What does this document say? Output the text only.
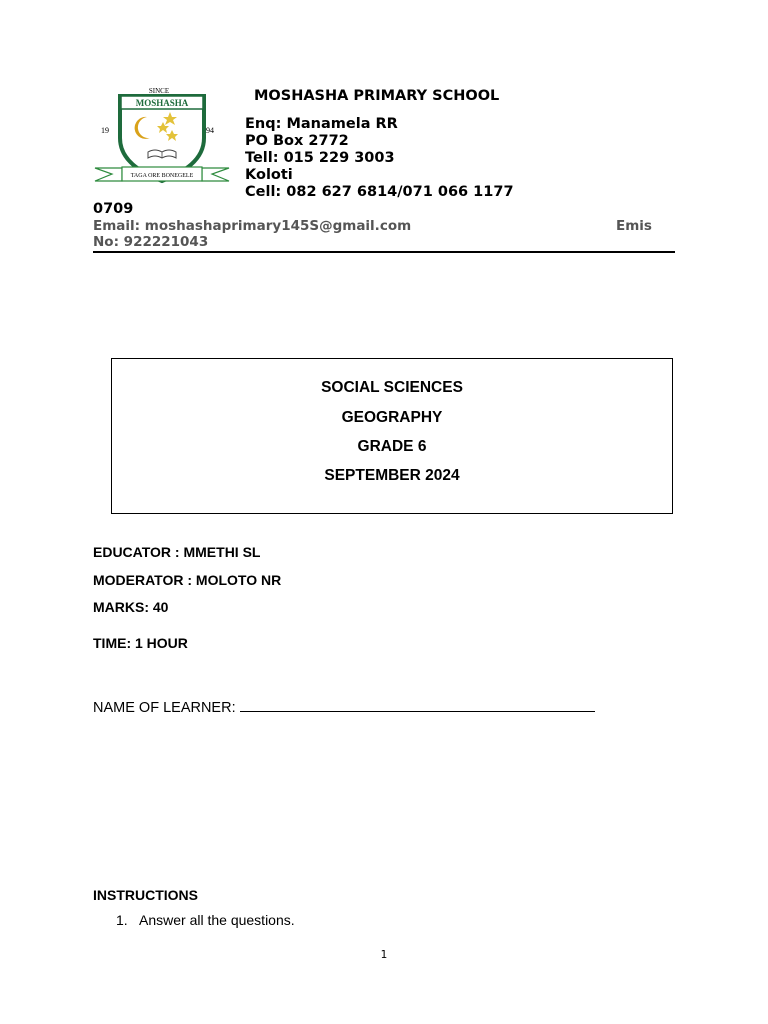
SINCE
MOSHASHA
19	94
TAGA ORE BONEGELE
MOSHASHA PRIMARY SCHOOL
Enq: Manamela RR
PO Box 2772
Tell: 015 229 3003
Koloti
Cell: 082 627 6814/071 066 1177
0709
Email: moshashaprimary145S@gmail.com	Emis
No: 922221043
SOCIAL SCIENCES
GEOGRAPHY
GRADE 6
SEPTEMBER 2024
EDUCATOR : MMETHI SL
MODERATOR : MOLOTO NR
MARKS: 40
TIME: 1 HOUR
NAME OF LEARNER:
INSTRUCTIONS
1. Answer all the questions.
1
